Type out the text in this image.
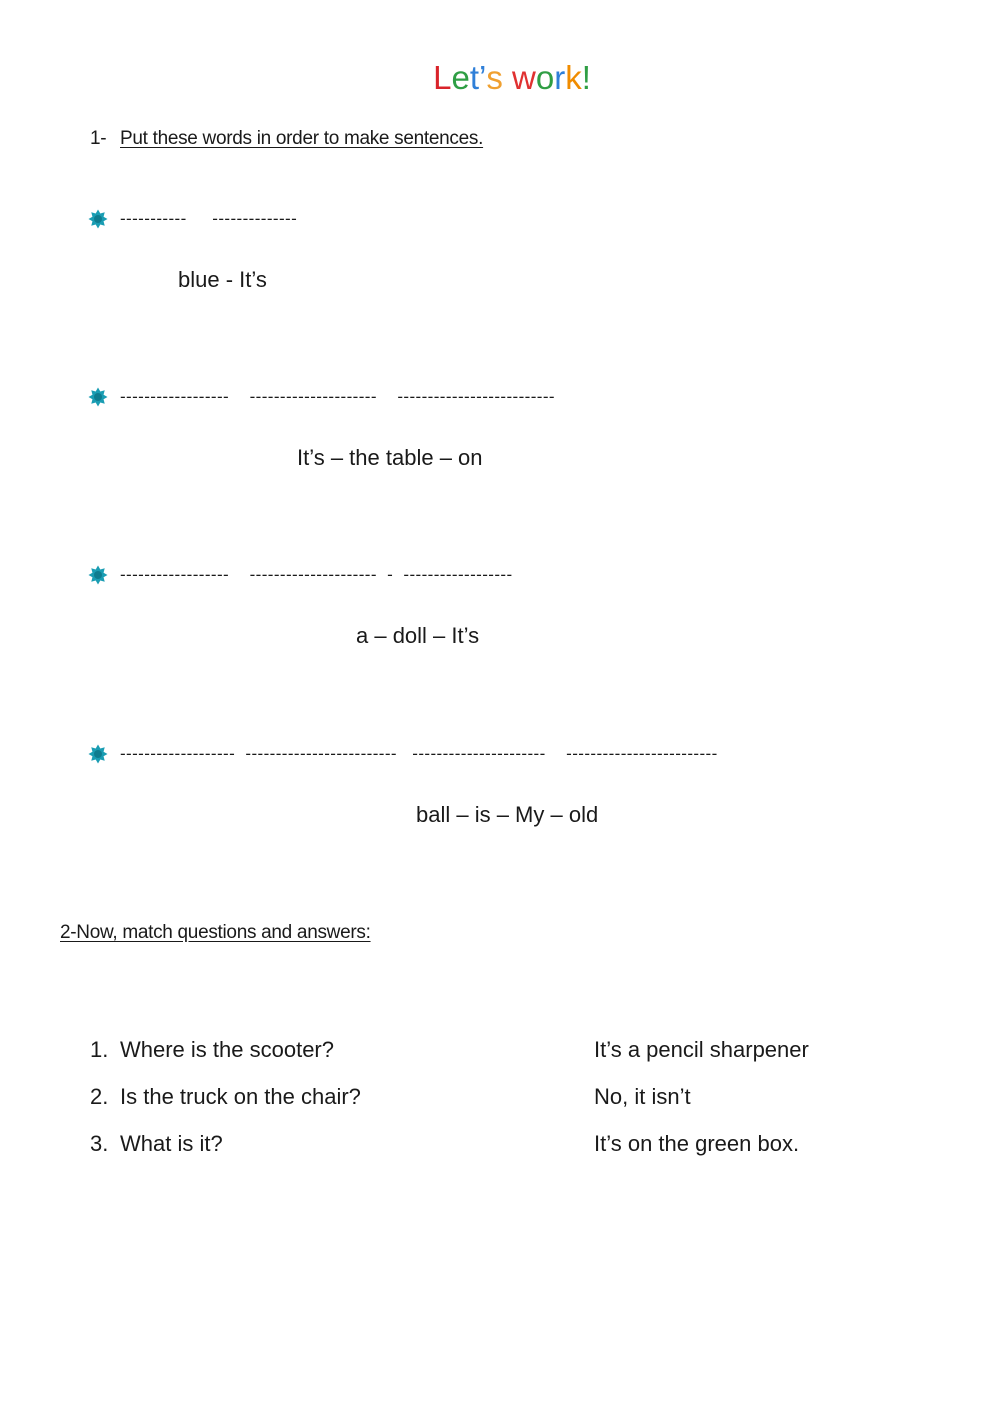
Let’s work!
1- Put these words in order to make sentences.

-----------     --------------

blue - It’s

------------------    ---------------------    --------------------------

It’s – the table – on

------------------    ---------------------  -  ------------------

a – doll – It’s

-------------------  -------------------------   ----------------------    -------------------------

ball – is – My – old
2-Now, match questions and answers:
1. Where is the scooter?
2. Is the truck on the chair?
3. What is it?
It’s a pencil sharpener
No, it isn’t
It’s on the green box.
